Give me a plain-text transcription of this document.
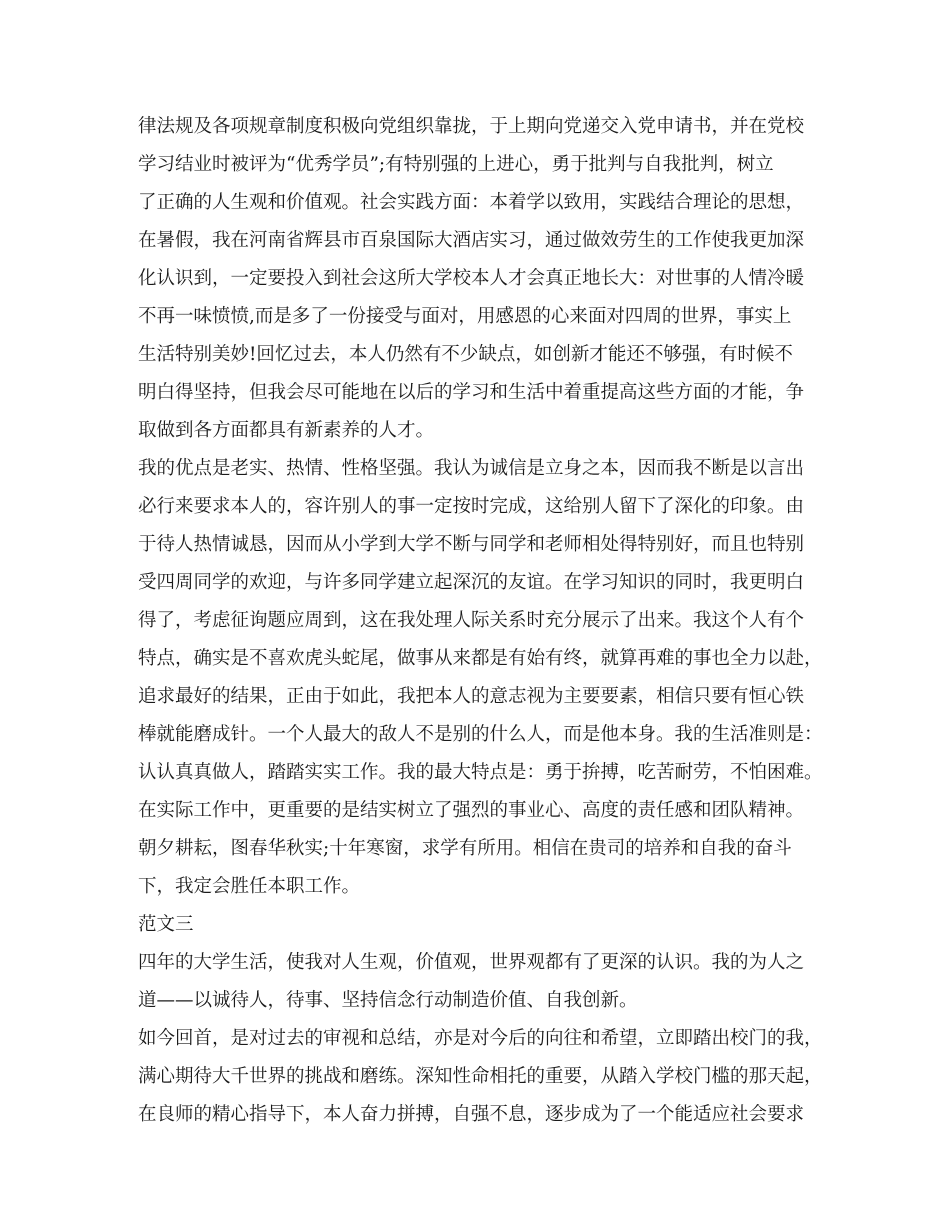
律法规及各项规章制度积极向党组织靠拢，于上期向党递交入党申请书，并在党校
学习结业时被评为“优秀学员”;有特别强的上进心，勇于批判与自我批判，树立
了正确的人生观和价值观。社会实践方面：本着学以致用，实践结合理论的思想，
在暑假，我在河南省辉县市百泉国际大酒店实习，通过做效劳生的工作使我更加深
化认识到，一定要投入到社会这所大学校本人才会真正地长大：对世事的人情冷暖
不再一味愤愤,而是多了一份接受与面对，用感恩的心来面对四周的世界，事实上
生活特别美妙!回忆过去，本人仍然有不少缺点，如创新才能还不够强，有时候不
明白得坚持，但我会尽可能地在以后的学习和生活中着重提高这些方面的才能，争
取做到各方面都具有新素养的人才。
我的优点是老实、热情、性格坚强。我认为诚信是立身之本，因而我不断是以言出
必行来要求本人的，容许别人的事一定按时完成，这给别人留下了深化的印象。由
于待人热情诚恳，因而从小学到大学不断与同学和老师相处得特别好，而且也特别
受四周同学的欢迎，与许多同学建立起深沉的友谊。在学习知识的同时，我更明白
得了，考虑征询题应周到，这在我处理人际关系时充分展示了出来。我这个人有个
特点，确实是不喜欢虎头蛇尾，做事从来都是有始有终，就算再难的事也全力以赴，
追求最好的结果，正由于如此，我把本人的意志视为主要要素，相信只要有恒心铁
棒就能磨成针。一个人最大的敌人不是别的什么人，而是他本身。我的生活准则是：
认认真真做人，踏踏实实工作。我的最大特点是：勇于拚搏，吃苦耐劳，不怕困难。
在实际工作中，更重要的是结实树立了强烈的事业心、高度的责任感和团队精神。
朝夕耕耘，图春华秋实;十年寒窗，求学有所用。相信在贵司的培养和自我的奋斗
下，我定会胜任本职工作。
范文三
四年的大学生活，使我对人生观，价值观，世界观都有了更深的认识。我的为人之
道——以诚待人，待事、坚持信念行动制造价值、自我创新。
如今回首，是对过去的审视和总结，亦是对今后的向往和希望，立即踏出校门的我，
满心期待大千世界的挑战和磨练。深知性命相托的重要，从踏入学校门槛的那天起，
在良师的精心指导下，本人奋力拼搏，自强不息，逐步成为了一个能适应社会要求
